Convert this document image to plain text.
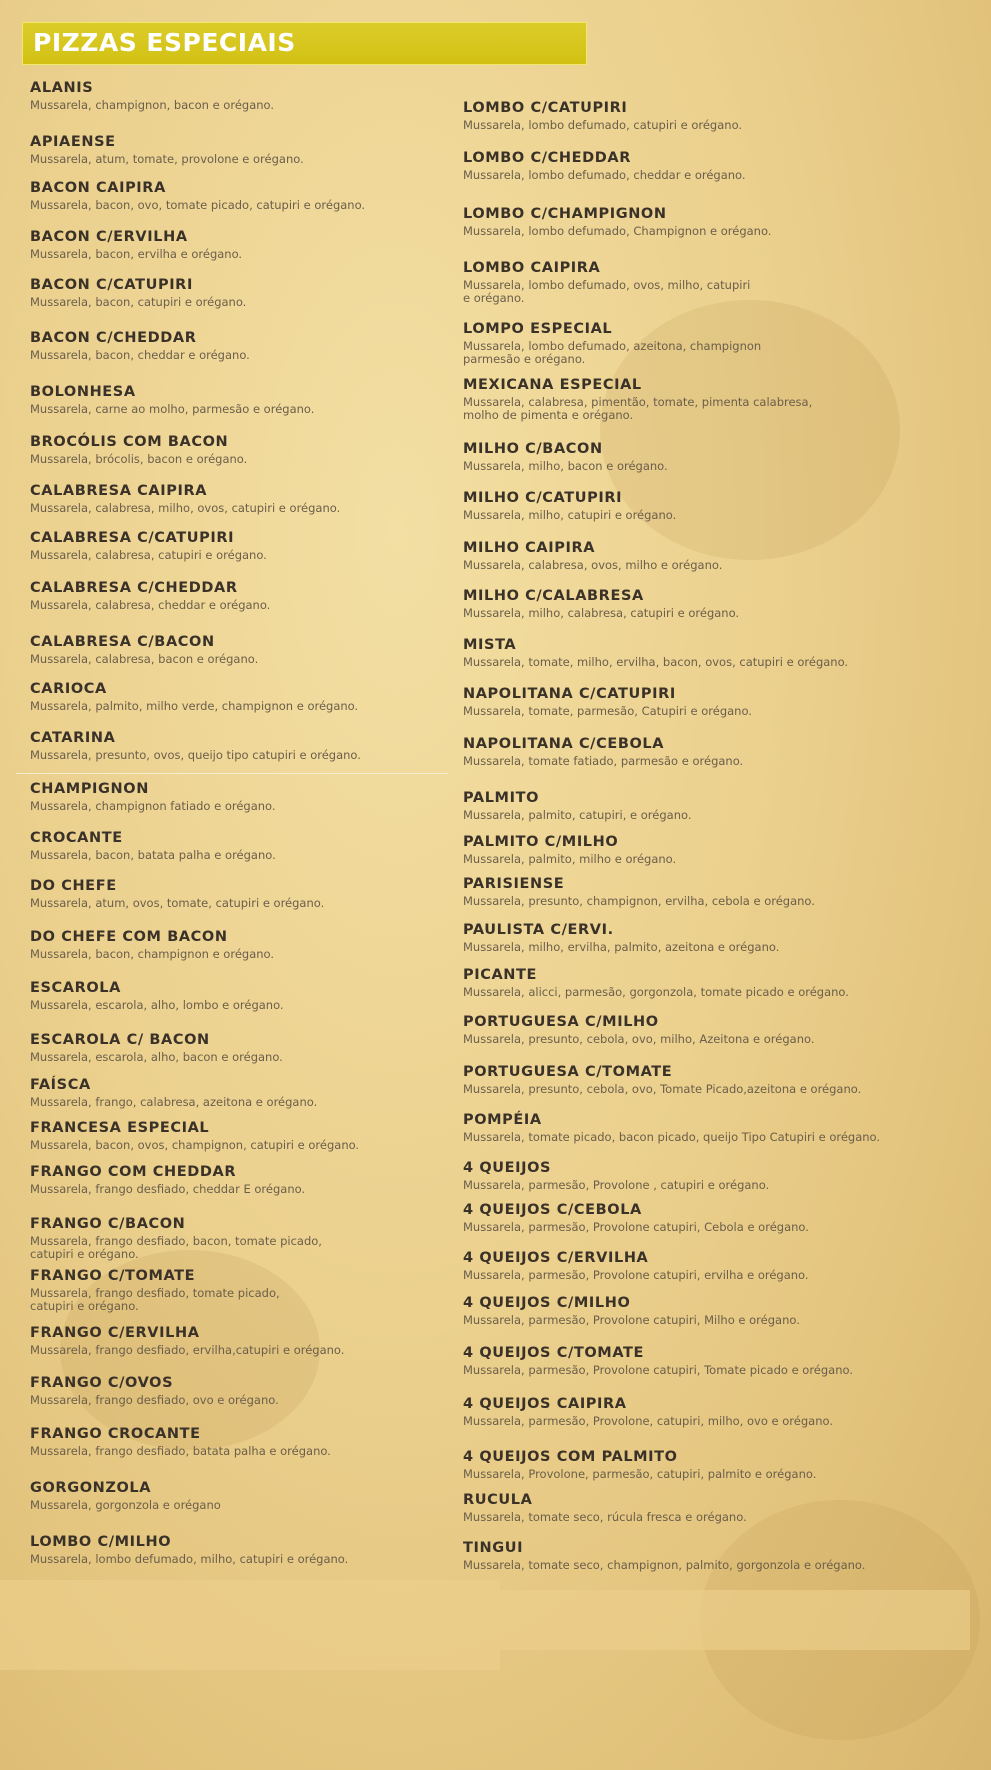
PIZZAS ESPECIAIS
ALANIS
Mussarela, champignon, bacon e orégano.
APIAENSE
Mussarela, atum, tomate, provolone e orégano.
BACON CAIPIRA
Mussarela, bacon, ovo, tomate picado, catupiri e orégano.
BACON C/ERVILHA
Mussarela, bacon, ervilha e orégano.
BACON C/CATUPIRI
Mussarela, bacon, catupiri e orégano.
BACON C/CHEDDAR
Mussarela, bacon, cheddar e orégano.
BOLONHESA
Mussarela, carne ao molho, parmesão e orégano.
BROCÓLIS COM BACON
Mussarela, brócolis, bacon e orégano.
CALABRESA CAIPIRA
Mussarela, calabresa, milho, ovos, catupiri e orégano.
CALABRESA C/CATUPIRI
Mussarela, calabresa, catupiri e orégano.
CALABRESA C/CHEDDAR
Mussarela, calabresa, cheddar e orégano.
CALABRESA C/BACON
Mussarela, calabresa, bacon e orégano.
CARIOCA
Mussarela, palmito, milho verde, champignon e orégano.
CATARINA
Mussarela, presunto, ovos, queijo tipo catupiri e orégano.
CHAMPIGNON
Mussarela, champignon fatiado e orégano.
CROCANTE
Mussarela, bacon, batata palha e orégano.
DO CHEFE
Mussarela, atum, ovos, tomate, catupiri e orégano.
DO CHEFE COM BACON
Mussarela, bacon, champignon e orégano.
ESCAROLA
Mussarela, escarola, alho, lombo e orégano.
ESCAROLA C/ BACON
Mussarela, escarola, alho, bacon e orégano.
FAÍSCA
Mussarela, frango, calabresa, azeitona e orégano.
FRANCESA ESPECIAL
Mussarela, bacon, ovos, champignon, catupiri e orégano.
FRANGO COM CHEDDAR
Mussarela, frango desfiado, cheddar E orégano.
FRANGO C/BACON
Mussarela, frango desfiado, bacon, tomate picado,
catupiri e orégano.
FRANGO C/TOMATE
Mussarela, frango desfiado, tomate picado,
catupiri e orégano.
FRANGO C/ERVILHA
Mussarela, frango desfiado, ervilha,catupiri e orégano.
FRANGO C/OVOS
Mussarela, frango desfiado, ovo e orégano.
FRANGO CROCANTE
Mussarela, frango desfiado, batata palha e orégano.
GORGONZOLA
Mussarela, gorgonzola e orégano
LOMBO C/MILHO
Mussarela, lombo defumado, milho, catupiri e orégano.
LOMBO C/CATUPIRI
Mussarela, lombo defumado, catupiri e orégano.
LOMBO C/CHEDDAR
Mussarela, lombo defumado, cheddar e orégano.
LOMBO C/CHAMPIGNON
Mussarela, lombo defumado, Champignon e orégano.
LOMBO CAIPIRA
Mussarela, lombo defumado, ovos, milho, catupiri
e orégano.
LOMPO ESPECIAL
Mussarela, lombo defumado, azeitona, champignon
parmesão e orégano.
MEXICANA ESPECIAL
Mussarela, calabresa, pimentão, tomate, pimenta calabresa,
molho de pimenta e orégano.
MILHO C/BACON
Mussarela, milho, bacon e orégano.
MILHO C/CATUPIRI
Mussarela, milho, catupiri e orégano.
MILHO CAIPIRA
Mussarela, calabresa, ovos, milho e orégano.
MILHO C/CALABRESA
Mussarela, milho, calabresa, catupiri e orégano.
MISTA
Mussarela, tomate, milho, ervilha, bacon, ovos, catupiri e orégano.
NAPOLITANA C/CATUPIRI
Mussarela, tomate, parmesão, Catupiri e orégano.
NAPOLITANA C/CEBOLA
Mussarela, tomate fatiado, parmesão e orégano.
PALMITO
Mussarela, palmito, catupiri, e orégano.
PALMITO C/MILHO
Mussarela, palmito, milho e orégano.
PARISIENSE
Mussarela, presunto, champignon, ervilha, cebola e orégano.
PAULISTA C/ERVI.
Mussarela, milho, ervilha, palmito, azeitona e orégano.
PICANTE
Mussarela, alicci, parmesão, gorgonzola, tomate picado e orégano.
PORTUGUESA C/MILHO
Mussarela, presunto, cebola, ovo, milho, Azeitona e orégano.
PORTUGUESA C/TOMATE
Mussarela, presunto, cebola, ovo, Tomate Picado,azeitona e orégano.
POMPÉIA
Mussarela, tomate picado, bacon picado, queijo Tipo Catupiri e orégano.
4 QUEIJOS
Mussarela, parmesão, Provolone , catupiri e orégano.
4 QUEIJOS C/CEBOLA
Mussarela, parmesão, Provolone catupiri, Cebola e orégano.
4 QUEIJOS C/ERVILHA
Mussarela, parmesão, Provolone catupiri, ervilha e orégano.
4 QUEIJOS C/MILHO
Mussarela, parmesão, Provolone catupiri, Milho e orégano.
4 QUEIJOS C/TOMATE
Mussarela, parmesão, Provolone catupiri, Tomate picado e orégano.
4 QUEIJOS CAIPIRA
Mussarela, parmesão, Provolone, catupiri, milho, ovo e orégano.
4 QUEIJOS COM PALMITO
Mussarela, Provolone, parmesão, catupiri, palmito e orégano.
RUCULA
Mussarela, tomate seco, rúcula fresca e orégano.
TINGUI
Mussarela, tomate seco, champignon, palmito, gorgonzola e orégano.
